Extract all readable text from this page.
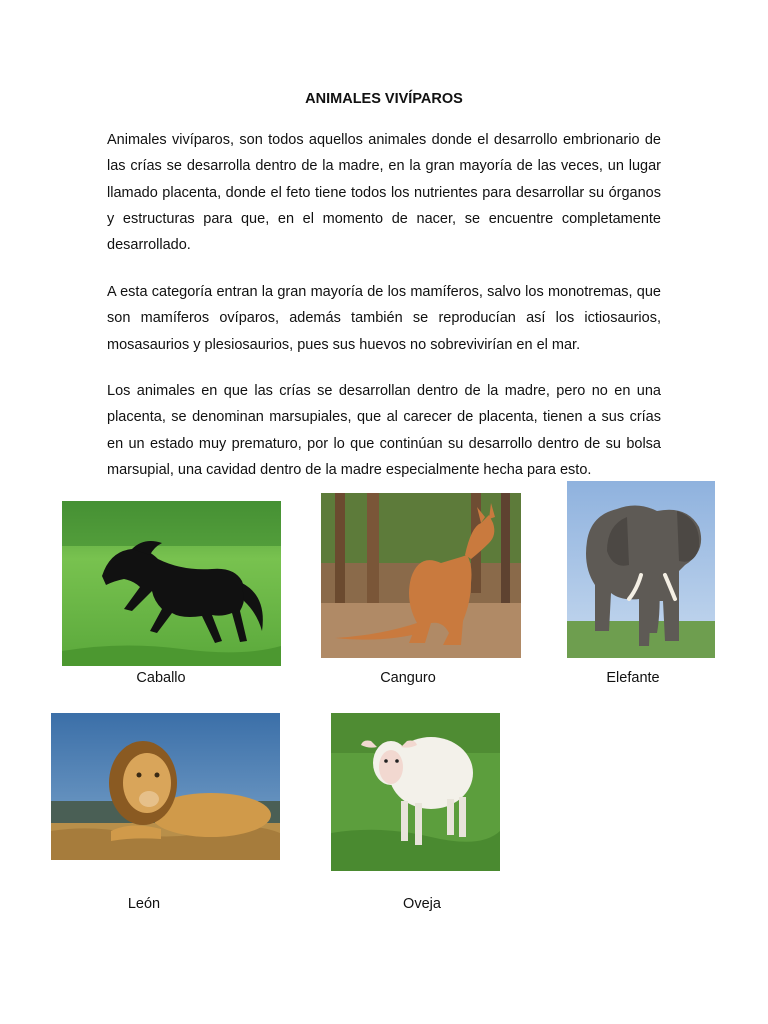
ANIMALES VIVÍPAROS

Animales vivíparos, son todos aquellos animales donde el desarrollo embrionario de las crías se desarrolla dentro de la madre, en la gran mayoría de las veces, un lugar llamado placenta, donde el feto tiene todos los nutrientes para desarrollar su órganos y estructuras para que, en el momento de nacer, se encuentre completamente desarrollado.

A esta categoría entran la gran mayoría de los mamíferos, salvo los monotremas, que son mamíferos ovíparos, además también se reproducían así los ictiosaurios, mosasaurios y plesiosaurios, pues sus huevos no sobrevivirían en el mar.

Los animales en que las crías se desarrollan dentro de la madre, pero no en una placenta, se denominan marsupiales, que al carecer de placenta, tienen a sus crías en un estado muy prematuro, por lo que continúan su desarrollo dentro de su bolsa marsupial, una cavidad dentro de la madre especialmente hecha para esto.

Caballo	Canguro	Elefante
León	Oveja
